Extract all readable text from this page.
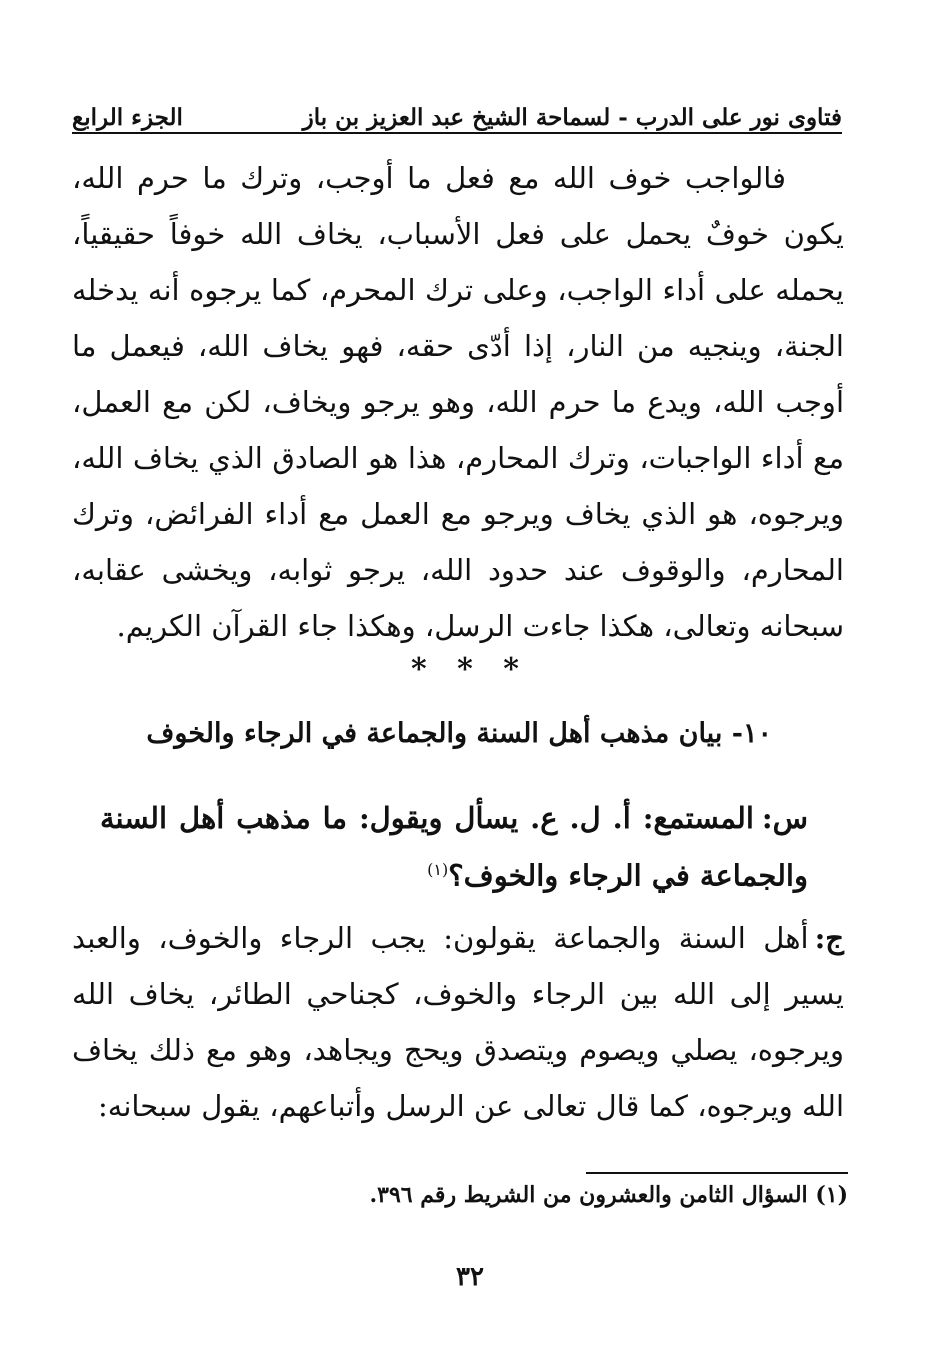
فتاوى نور على الدرب - لسماحة الشيخ عبد العزيز بن باز
الجزء الرابع

فالواجب خوف الله مع فعل ما أوجب، وترك ما حرم الله، يكون خوفٌ يحمل على فعل الأسباب، يخاف الله خوفاً حقيقياً، يحمله على أداء الواجب، وعلى ترك المحرم، كما يرجوه أنه يدخله الجنة، وينجيه من النار، إذا أدّى حقه، فهو يخاف الله، فيعمل ما أوجب الله، ويدع ما حرم الله، وهو يرجو ويخاف، لكن مع العمل، مع أداء الواجبات، وترك المحارم، هذا هو الصادق الذي يخاف الله، ويرجوه، هو الذي يخاف ويرجو مع العمل مع أداء الفرائض، وترك المحارم، والوقوف عند حدود الله، يرجو ثوابه، ويخشى عقابه، سبحانه وتعالى، هكذا جاءت الرسل، وهكذا جاء القرآن الكريم.

* * *
١٠- بيان مذهب أهل السنة والجماعة في الرجاء والخوف
س:المستمع: أ. ل. ع. يسأل ويقول: ما مذهب أهل السنة والجماعة في الرجاء والخوف؟$^{(١)}$
ج:أهل السنة والجماعة يقولون: يجب الرجاء والخوف، والعبد يسير إلى الله بين الرجاء والخوف، كجناحي الطائر، يخاف الله ويرجوه، يصلي ويصوم ويتصدق ويحج ويجاهد، وهو مع ذلك يخاف الله ويرجوه، كما قال تعالى عن الرسل وأتباعهم، يقول سبحانه:
(١) السؤال الثامن والعشرون من الشريط رقم ٣٩٦.
٣٢
